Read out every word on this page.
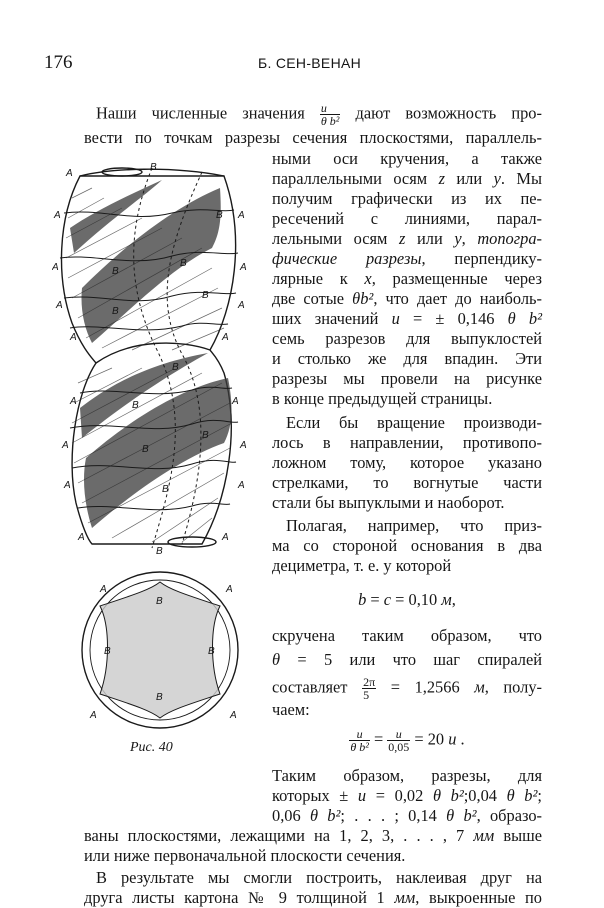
176	Б. СЕН-ВЕНАН
A
A	A
A	A
A	A
A	A
A	A
A	A
A	A
A	A
B
B
B
B
B
B
B
B
B
B
B
B
A	A
A	A
B
B	B
B
Рис. 40
Наши численные значения $\frac{u}{\text{θ b²}}$ дают возможность про-
вести по точкам разрезы сечения плоскостями, параллель-
ными оси кручения, а также
параллельными осям z или y. Мы
получим графически из их пе-
ресечений с линиями, парал-
лельными осям z или y, топогра-
фические разрезы, перпендику-
лярные к x, размещенные через
две сотые θb², что дает до наиболь-
ших значений u = ± 0,146 θ b²
семь разрезов для выпуклостей
и столько же для впадин. Эти
разрезы мы провели на рисунке
в конце предыдущей страницы.
Если бы вращение производи-
лось в направлении, противопо-
ложном тому, которое указано
стрелками, то вогнутые части
стали бы выпуклыми и наоборот.
Полагая, например, что приз-
ма со стороной основания в два
дециметра, т. е. у которой
b = c = 0,10 м,
скручена таким образом, что
θ = 5 или что шаг спиралей
составляет $\frac{2\pi}{5} = 1,2566$ м, полу-
чаем:
$\frac{u}{\text{θ b²}} = \frac{u}{0,05} = 20$ u .
Таким образом, разрезы, для
которых ± u = 0,02 θ b²;0,04 θ b²;
0,06 θ b²; . . . ; 0,14 θ b², образо-
ваны плоскостями, лежащими на 1, 2, 3, . . . , 7 мм выше
или ниже первоначальной плоскости сечения.
В результате мы смогли построить, наклеивая друг на
друга листы картона № 9 толщиной 1 мм, выкроенные по
